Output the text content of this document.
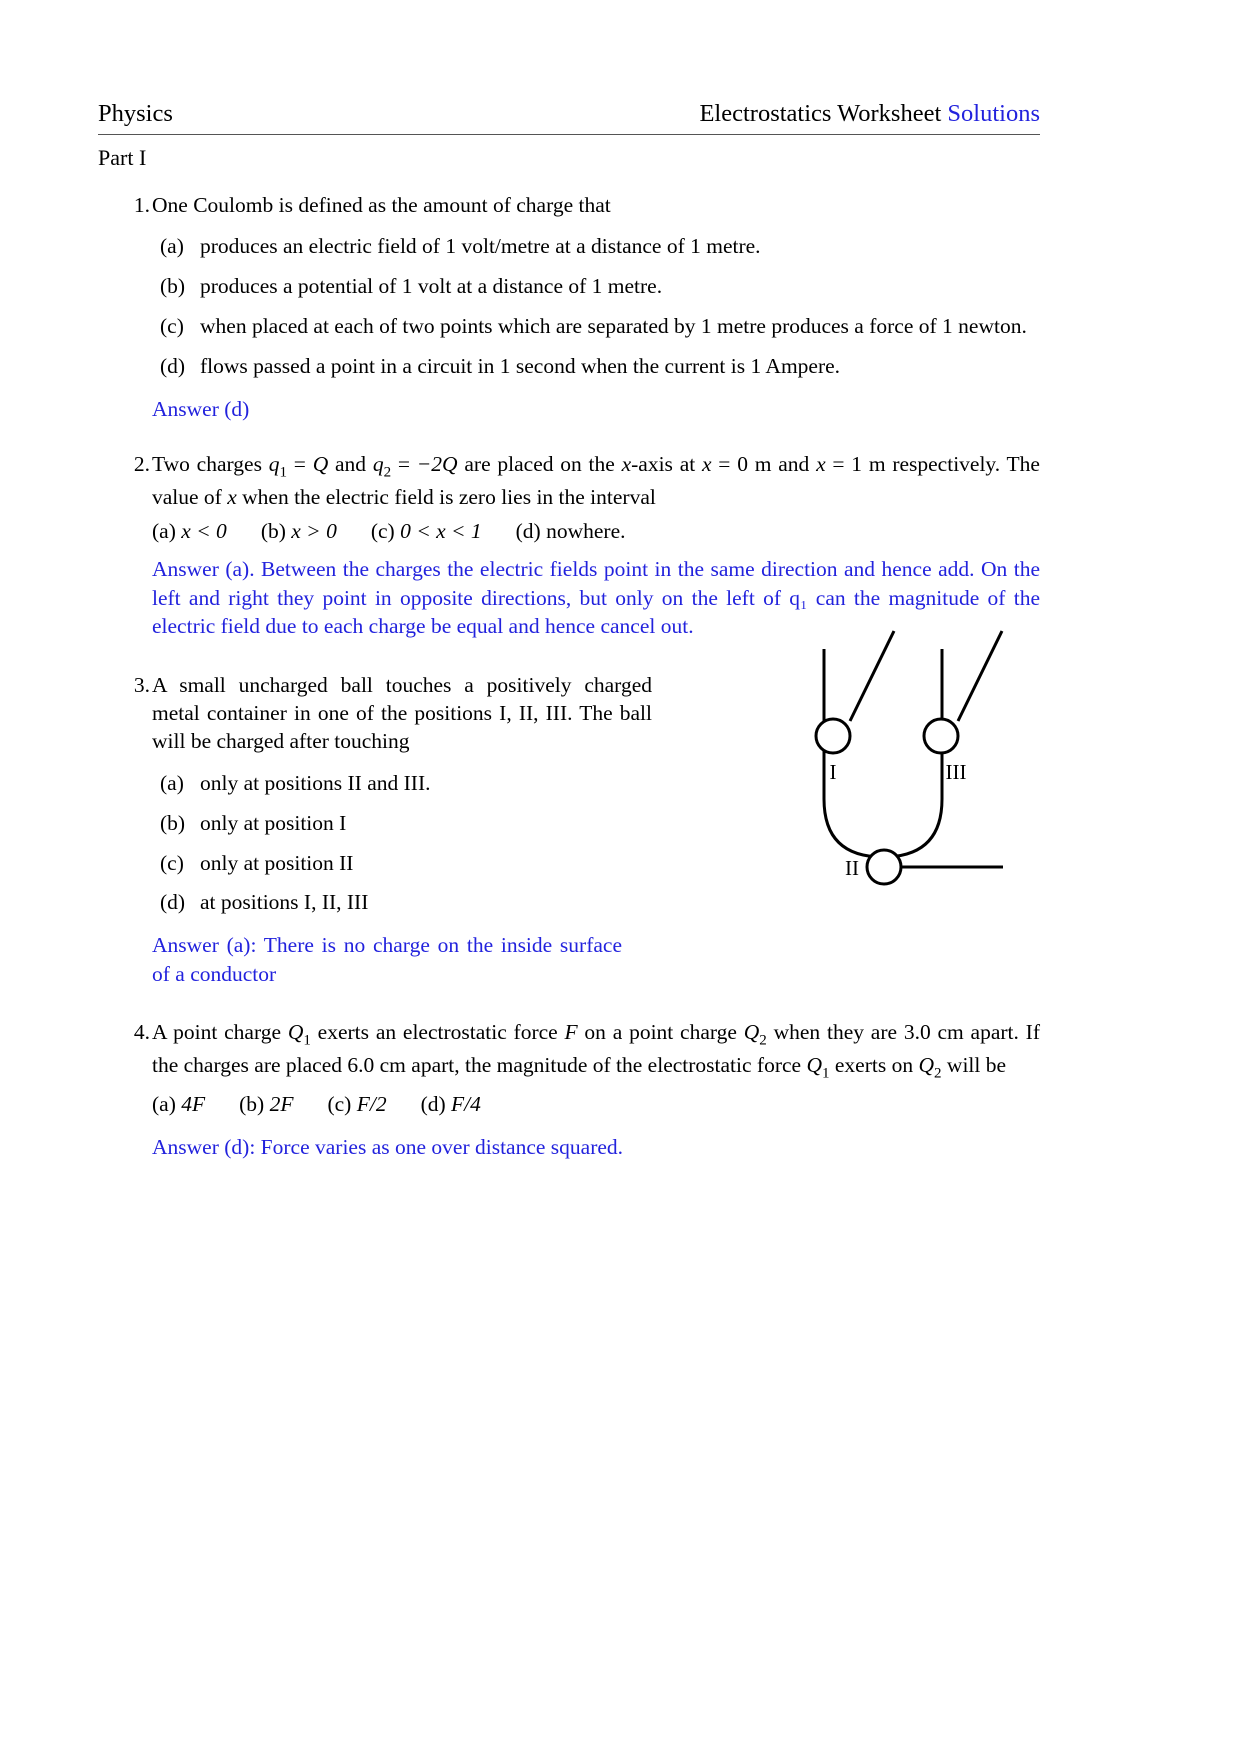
Physics	Electrostatics Worksheet Solutions
Part I
1. One Coulomb is defined as the amount of charge that
(a) produces an electric field of 1 volt/metre at a distance of 1 metre.
(b) produces a potential of 1 volt at a distance of 1 metre.
(c) when placed at each of two points which are separated by 1 metre produces a force of 1 newton.
(d) flows passed a point in a circuit in 1 second when the current is 1 Ampere.
Answer (d)
2. Two charges $q_1 = Q$ and $q_2 = -2Q$ are placed on the x-axis at x = 0 m and x = 1 m respectively. The value of x when the electric field is zero lies in the interval
(a) x < 0 (b) x > 0 (c) 0 < x < 1 (d) nowhere.
Answer (a). Between the charges the electric fields point in the same direction and hence add. On the left and right they point in opposite directions, but only on the left of q₁ can the magnitude of the electric field due to each charge be equal and hence cancel out.
3. A small uncharged ball touches a positively charged metal container in one of the positions I, II, III. The ball will be charged after touching
I	III
II
(a) only at positions II and III.
(b) only at position I
(c) only at position II
(d) at positions I, II, III
Answer (a): There is no charge on the inside surface of a conductor
4. A point charge $Q_1$ exerts an electrostatic force F on a point charge $Q_2$ when they are 3.0 cm apart. If the charges are placed 6.0 cm apart, the magnitude of the electrostatic force $Q_1$ exerts on $Q_2$ will be
(a) 4F (b) 2F (c) F/2 (d) F/4
Answer (d): Force varies as one over distance squared.
